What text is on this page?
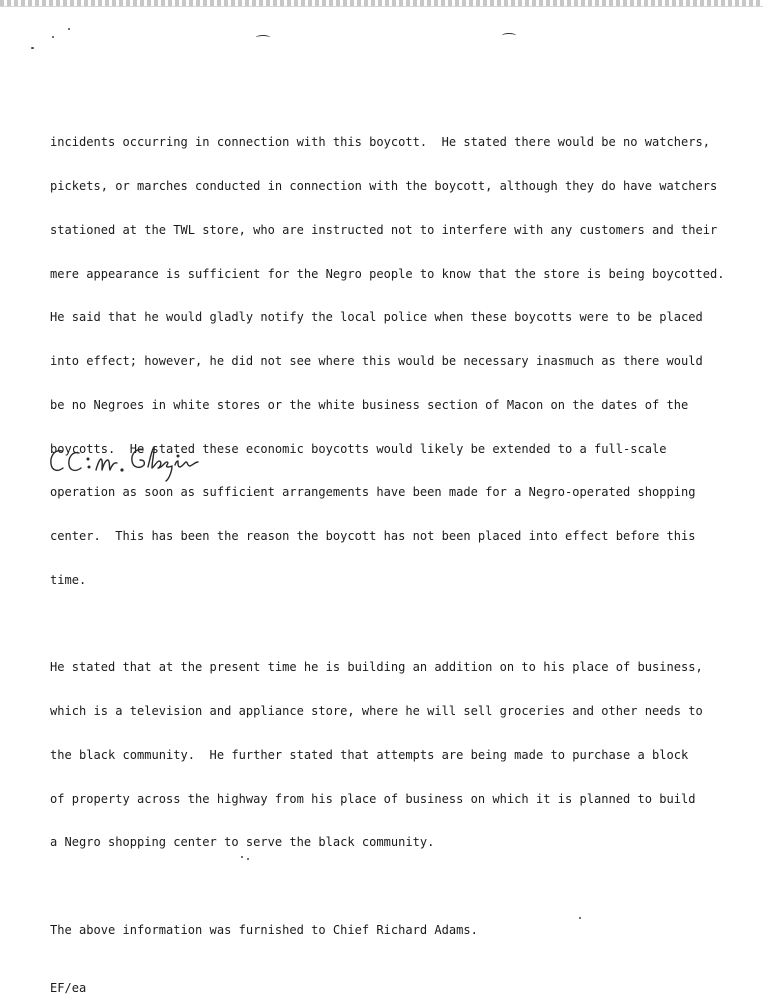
incidents occurring in connection with this boycott.  He stated there would be no watchers,

pickets, or marches conducted in connection with the boycott, although they do have watchers

stationed at the TWL store, who are instructed not to interfere with any customers and their

mere appearance is sufficient for the Negro people to know that the store is being boycotted.

He said that he would gladly notify the local police when these boycotts were to be placed

into effect; however, he did not see where this would be necessary inasmuch as there would

be no Negroes in white stores or the white business section of Macon on the dates of the

boycotts.  He stated these economic boycotts would likely be extended to a full-scale

operation as soon as sufficient arrangements have been made for a Negro-operated shopping

center.  This has been the reason the boycott has not been placed into effect before this

time.

He stated that at the present time he is building an addition on to his place of business,

which is a television and appliance store, where he will sell groceries and other needs to

the black community.  He further stated that attempts are being made to purchase a block

of property across the highway from his place of business on which it is planned to build

a Negro shopping center to serve the black community.

The above information was furnished to Chief Richard Adams.

EF/ea
